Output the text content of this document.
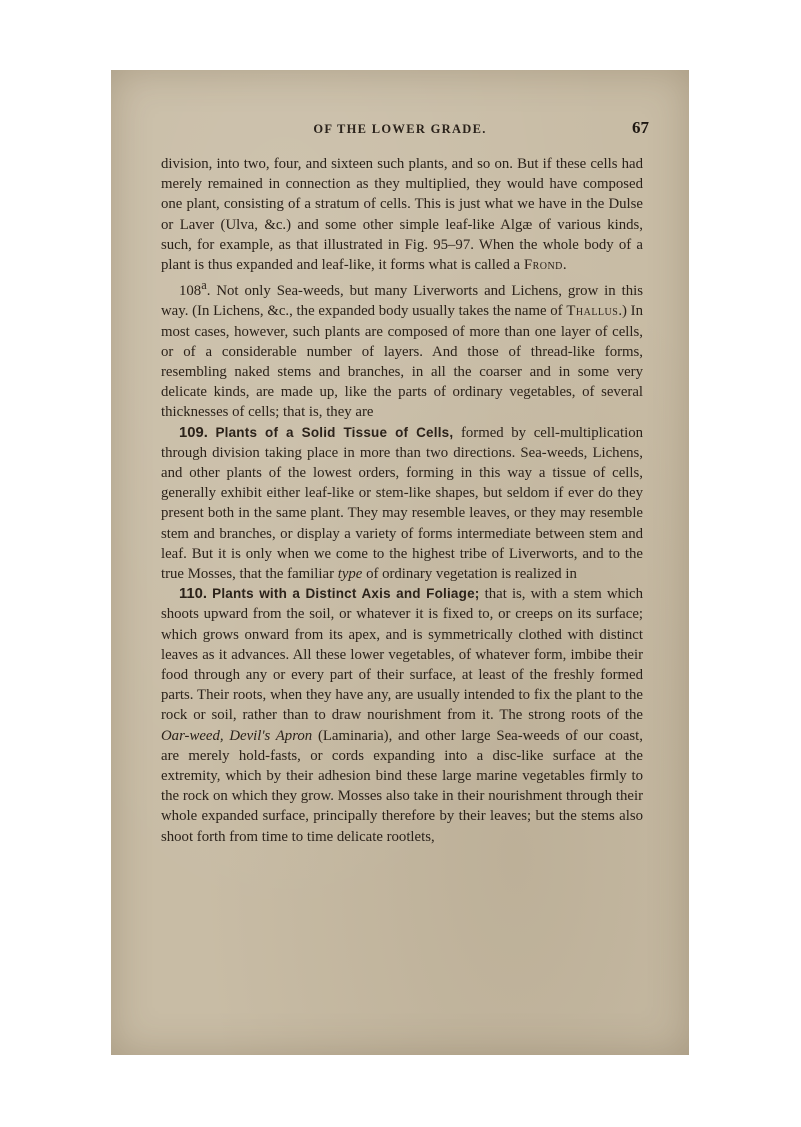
OF THE LOWER GRADE.	67

division, into two, four, and sixteen such plants, and so on. But if these cells had merely remained in connection as they multiplied, they would have composed one plant, consisting of a stratum of cells. This is just what we have in the Dulse or Laver (Ulva, &c.) and some other simple leaf-like Algæ of various kinds, such, for example, as that illustrated in Fig. 95–97. When the whole body of a plant is thus expanded and leaf-like, it forms what is called a Frond.

108$^a$. Not only Sea-weeds, but many Liverworts and Lichens, grow in this way. (In Lichens, &c., the expanded body usually takes the name of Thallus.) In most cases, however, such plants are composed of more than one layer of cells, or of a considerable number of layers. And those of thread-like forms, resembling naked stems and branches, in all the coarser and in some very delicate kinds, are made up, like the parts of ordinary vegetables, of several thicknesses of cells; that is, they are

109. Plants of a Solid Tissue of Cells, formed by cell-multiplication through division taking place in more than two directions. Sea-weeds, Lichens, and other plants of the lowest orders, forming in this way a tissue of cells, generally exhibit either leaf-like or stem-like shapes, but seldom if ever do they present both in the same plant. They may resemble leaves, or they may resemble stem and branches, or display a variety of forms intermediate between stem and leaf. But it is only when we come to the highest tribe of Liverworts, and to the true Mosses, that the familiar type of ordinary vegetation is realized in

110. Plants with a Distinct Axis and Foliage; that is, with a stem which shoots upward from the soil, or whatever it is fixed to, or creeps on its surface; which grows onward from its apex, and is symmetrically clothed with distinct leaves as it advances. All these lower vegetables, of whatever form, imbibe their food through any or every part of their surface, at least of the freshly formed parts. Their roots, when they have any, are usually intended to fix the plant to the rock or soil, rather than to draw nourishment from it. The strong roots of the Oar-weed, Devil's Apron (Laminaria), and other large Sea-weeds of our coast, are merely hold-fasts, or cords expanding into a disc-like surface at the extremity, which by their adhesion bind these large marine vegetables firmly to the rock on which they grow. Mosses also take in their nourishment through their whole expanded surface, principally therefore by their leaves; but the stems also shoot forth from time to time delicate rootlets,
